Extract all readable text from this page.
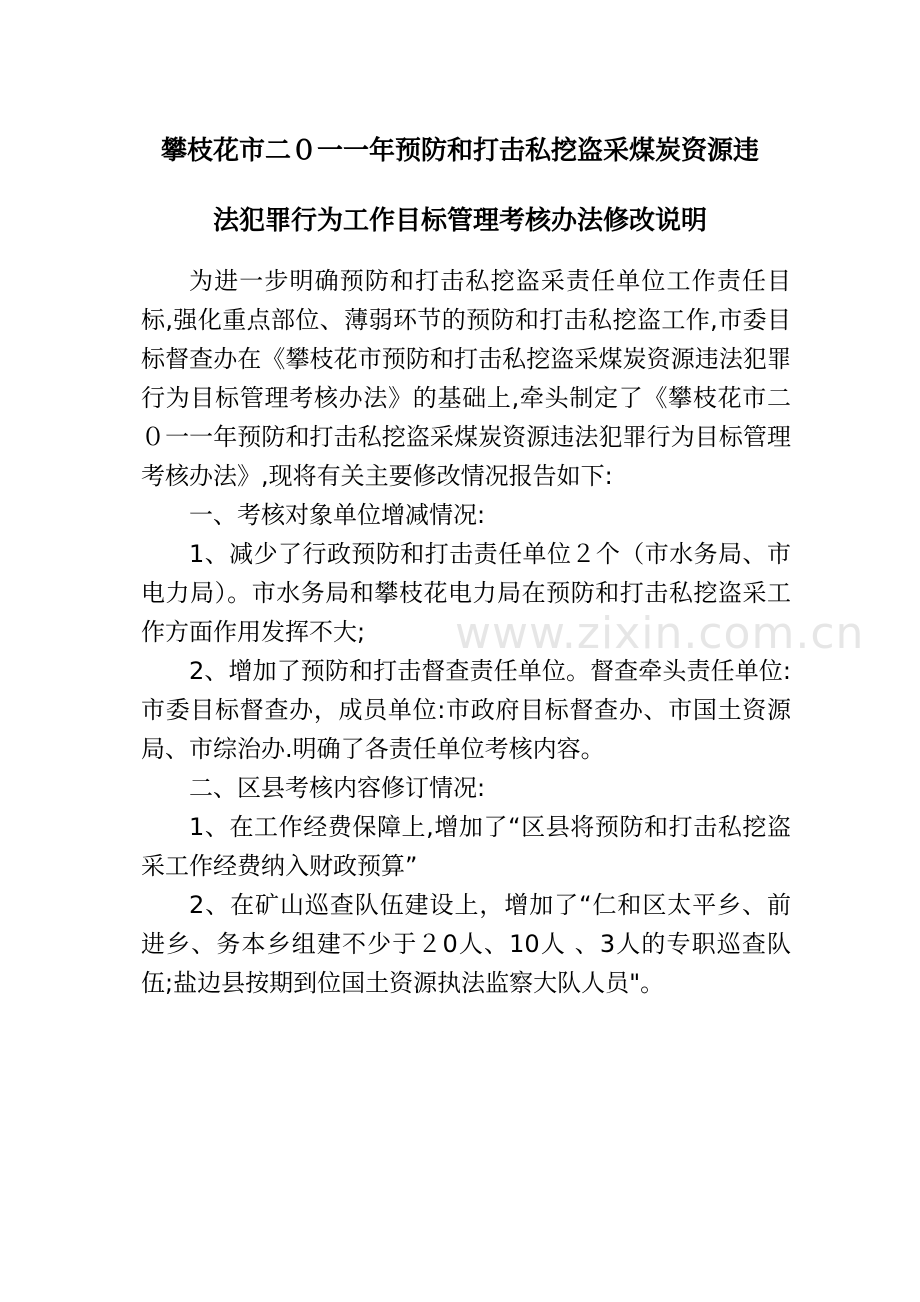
攀枝花市二０一一年预防和打击私挖盗采煤炭资源违
法犯罪行为工作目标管理考核办法修改说明

为进一步明确预防和打击私挖盗采责任单位工作责任目标,强化重点部位、薄弱环节的预防和打击私挖盗工作,市委目标督查办在《攀枝花市预防和打击私挖盗采煤炭资源违法犯罪行为目标管理考核办法》的基础上,牵头制定了《攀枝花市二０一一年预防和打击私挖盗采煤炭资源违法犯罪行为目标管理考核办法》,现将有关主要修改情况报告如下:

一、考核对象单位增减情况:

1、减少了行政预防和打击责任单位２个（市水务局、市电力局）。市水务局和攀枝花电力局在预防和打击私挖盗采工作方面作用发挥不大;

2、增加了预防和打击督查责任单位。督查牵头责任单位:市委目标督查办，成员单位:市政府目标督查办、市国土资源局、市综治办.明确了各责任单位考核内容。

二、区县考核内容修订情况:

1、在工作经费保障上,增加了“区县将预防和打击私挖盗采工作经费纳入财政预算”

2、在矿山巡查队伍建设上，增加了“仁和区太平乡、前进乡、务本乡组建不少于２0人、10人 、3人的专职巡查队伍;盐边县按期到位国土资源执法监察大队人员"。

www.zixin.com.cn
